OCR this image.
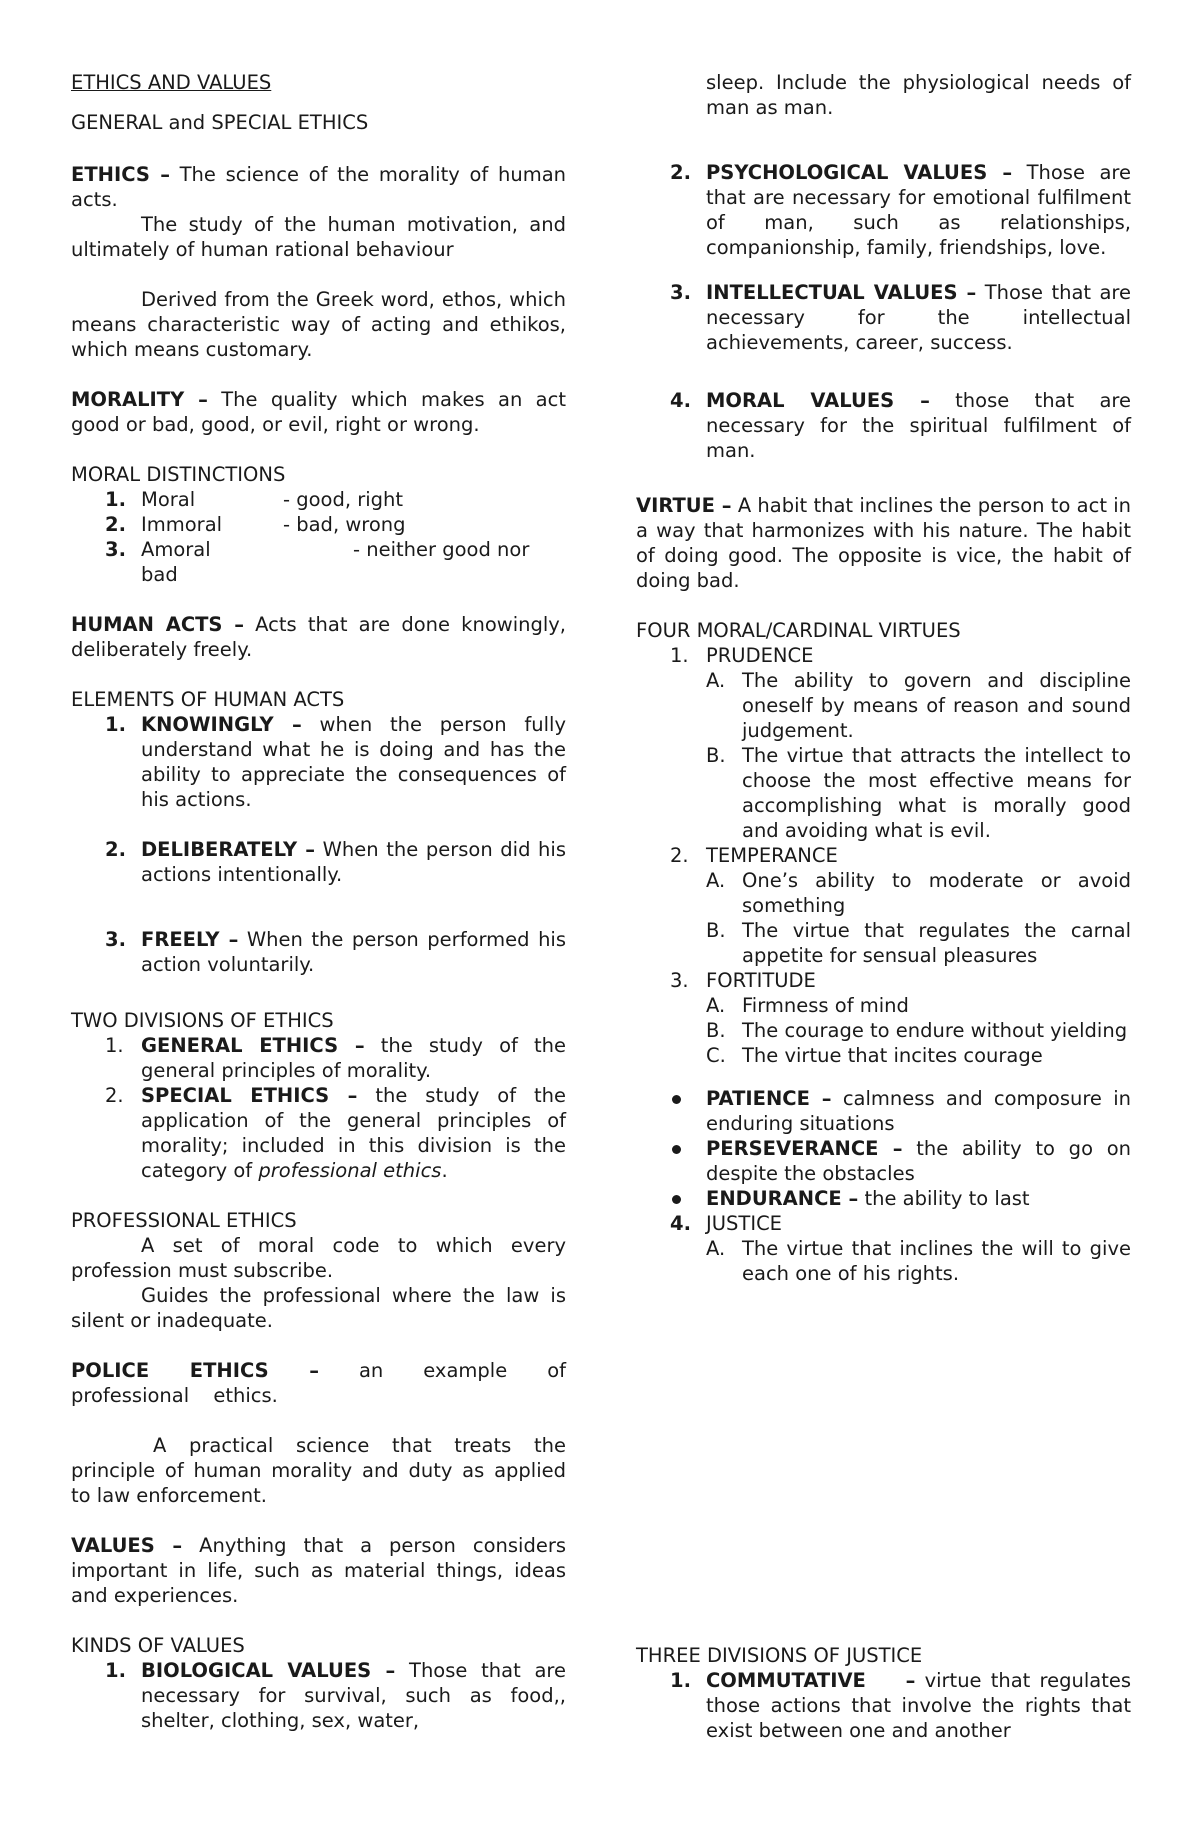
ETHICS AND VALUES

GENERAL and SPECIAL ETHICS

ETHICS – The science of the morality of human acts.

The study of the human motivation, and ultimately of human rational behaviour

Derived from the Greek word, ethos, which means characteristic way of acting and ethikos, which means customary.

MORALITY – The quality which makes an act good or bad, good, or evil, right or wrong.

MORAL DISTINCTIONS

1. Moral	- good, right
2. Immoral	- bad, wrong
3. Amoral	- neither good nor bad

HUMAN ACTS – Acts that are done knowingly, deliberately freely.

ELEMENTS OF HUMAN ACTS

1. KNOWINGLY – when the person fully understand what he is doing and has the ability to appreciate the consequences of his actions.
2. DELIBERATELY – When the person did his actions intentionally.
3. FREELY – When the person performed his action voluntarily.

TWO DIVISIONS OF ETHICS

1. GENERAL ETHICS – the study of the general principles of morality.
2. SPECIAL ETHICS – the study of the application of the general principles of morality; included in this division is the category of professional ethics.

PROFESSIONAL ETHICS

A set of moral code to which every profession must subscribe.

Guides the professional where the law is silent or inadequate.

POLICE ETHICS – an example of professional ethics.

A practical science that treats the principle of human morality and duty as applied to law enforcement.

VALUES – Anything that a person considers important in life, such as material things, ideas and experiences.

KINDS OF VALUES

1. BIOLOGICAL VALUES – Those that are necessary for survival, such as food,, shelter, clothing, sex, water,
sleep. Include the physiological needs of man as man.
2. PSYCHOLOGICAL VALUES – Those are that are necessary for emotional fulfilment of man, such as relationships, companionship, family, friendships, love.
3. INTELLECTUAL VALUES – Those that are necessary for the intellectual achievements, career, success.
4. MORAL VALUES – those that are necessary for the spiritual fulfilment of man.

VIRTUE – A habit that inclines the person to act in a way that harmonizes with his nature. The habit of doing good. The opposite is vice, the habit of doing bad.

FOUR MORAL/CARDINAL VIRTUES

1. PRUDENCE
A. The ability to govern and discipline oneself by means of reason and sound judgement.
B. The virtue that attracts the intellect to choose the most effective means for accomplishing what is morally good and avoiding what is evil.
2. TEMPERANCE
A. One’s ability to moderate or avoid something
B. The virtue that regulates the carnal appetite for sensual pleasures
3. FORTITUDE
A. Firmness of mind
B. The courage to endure without yielding
C. The virtue that incites courage
PATIENCE – calmness and composure in enduring situations
PERSEVERANCE – the ability to go on despite the obstacles
ENDURANCE – the ability to last
4. JUSTICE
A. The virtue that inclines the will to give each one of his rights.

THREE DIVISIONS OF JUSTICE

1. COMMUTATIVE – virtue that regulates those actions that involve the rights that exist between one and another
